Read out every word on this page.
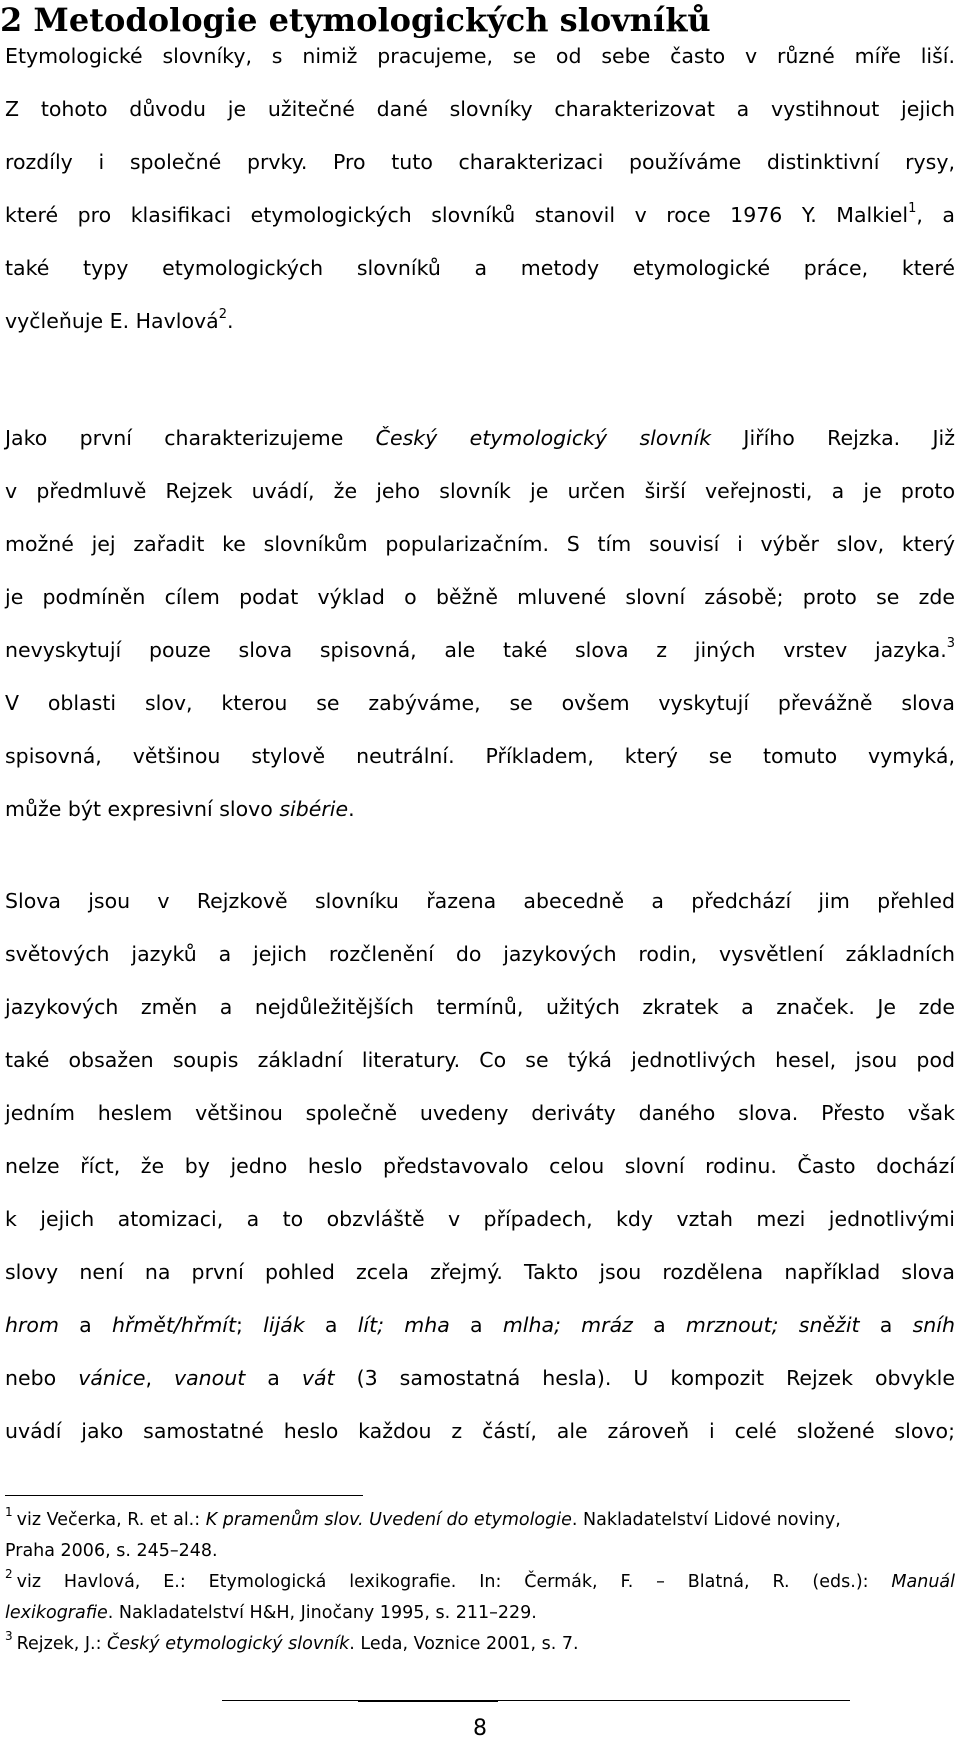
2 Metodologie etymologických slovníků
Etymologické slovníky, s nimiž pracujeme, se od sebe často v různé míře liší.
Z tohoto důvodu je užitečné dané slovníky charakterizovat a vystihnout jejich
rozdíly i společné prvky. Pro tuto charakterizaci používáme distinktivní rysy,
které pro klasifikaci etymologických slovníků stanovil v roce 1976 Y. Malkiel$^1$, a
také typy etymologických slovníků a metody etymologické práce, které
vyčleňuje E. Havlová$^2$.
Jako první charakterizujeme Český etymologický slovník Jiřího Rejzka. Již
v předmluvě Rejzek uvádí, že jeho slovník je určen širší veřejnosti, a je proto
možné jej zařadit ke slovníkům popularizačním. S tím souvisí i výběr slov, který
je podmíněn cílem podat výklad o běžně mluvené slovní zásobě; proto se zde
nevyskytují pouze slova spisovná, ale také slova z jiných vrstev jazyka.$^3$
V oblasti slov, kterou se zabýváme, se ovšem vyskytují převážně slova
spisovná, většinou stylově neutrální. Příkladem, který se tomuto vymyká,
může být expresivní slovo sibérie.
Slova jsou v Rejzkově slovníku řazena abecedně a předchází jim přehled
světových jazyků a jejich rozčlenění do jazykových rodin, vysvětlení základních
jazykových změn a nejdůležitějších termínů, užitých zkratek a značek. Je zde
také obsažen soupis základní literatury. Co se týká jednotlivých hesel, jsou pod
jedním heslem většinou společně uvedeny deriváty daného slova. Přesto však
nelze říct, že by jedno heslo představovalo celou slovní rodinu. Často dochází
k jejich atomizaci, a to obzvláště v případech, kdy vztah mezi jednotlivými
slovy není na první pohled zcela zřejmý. Takto jsou rozdělena například slova
hrom a hřmět/hřmít; liják a lít; mha a mlha; mráz a mrznout; sněžit a sníh
nebo vánice, vanout a vát (3 samostatná hesla). U kompozit Rejzek obvykle
uvádí jako samostatné heslo každou z částí, ale zároveň i celé složené slovo;
$^1$ viz Večerka, R. et al.: K pramenům slov. Uvedení do etymologie. Nakladatelství Lidové noviny,
Praha 2006, s. 245–248.
$^2$ viz Havlová, E.: Etymologická lexikografie. In: Čermák, F. – Blatná, R. (eds.): Manuál
lexikografie. Nakladatelství H&H, Jinočany 1995, s. 211–229.
$^3$ Rejzek, J.: Český etymologický slovník. Leda, Voznice 2001, s. 7.
8
